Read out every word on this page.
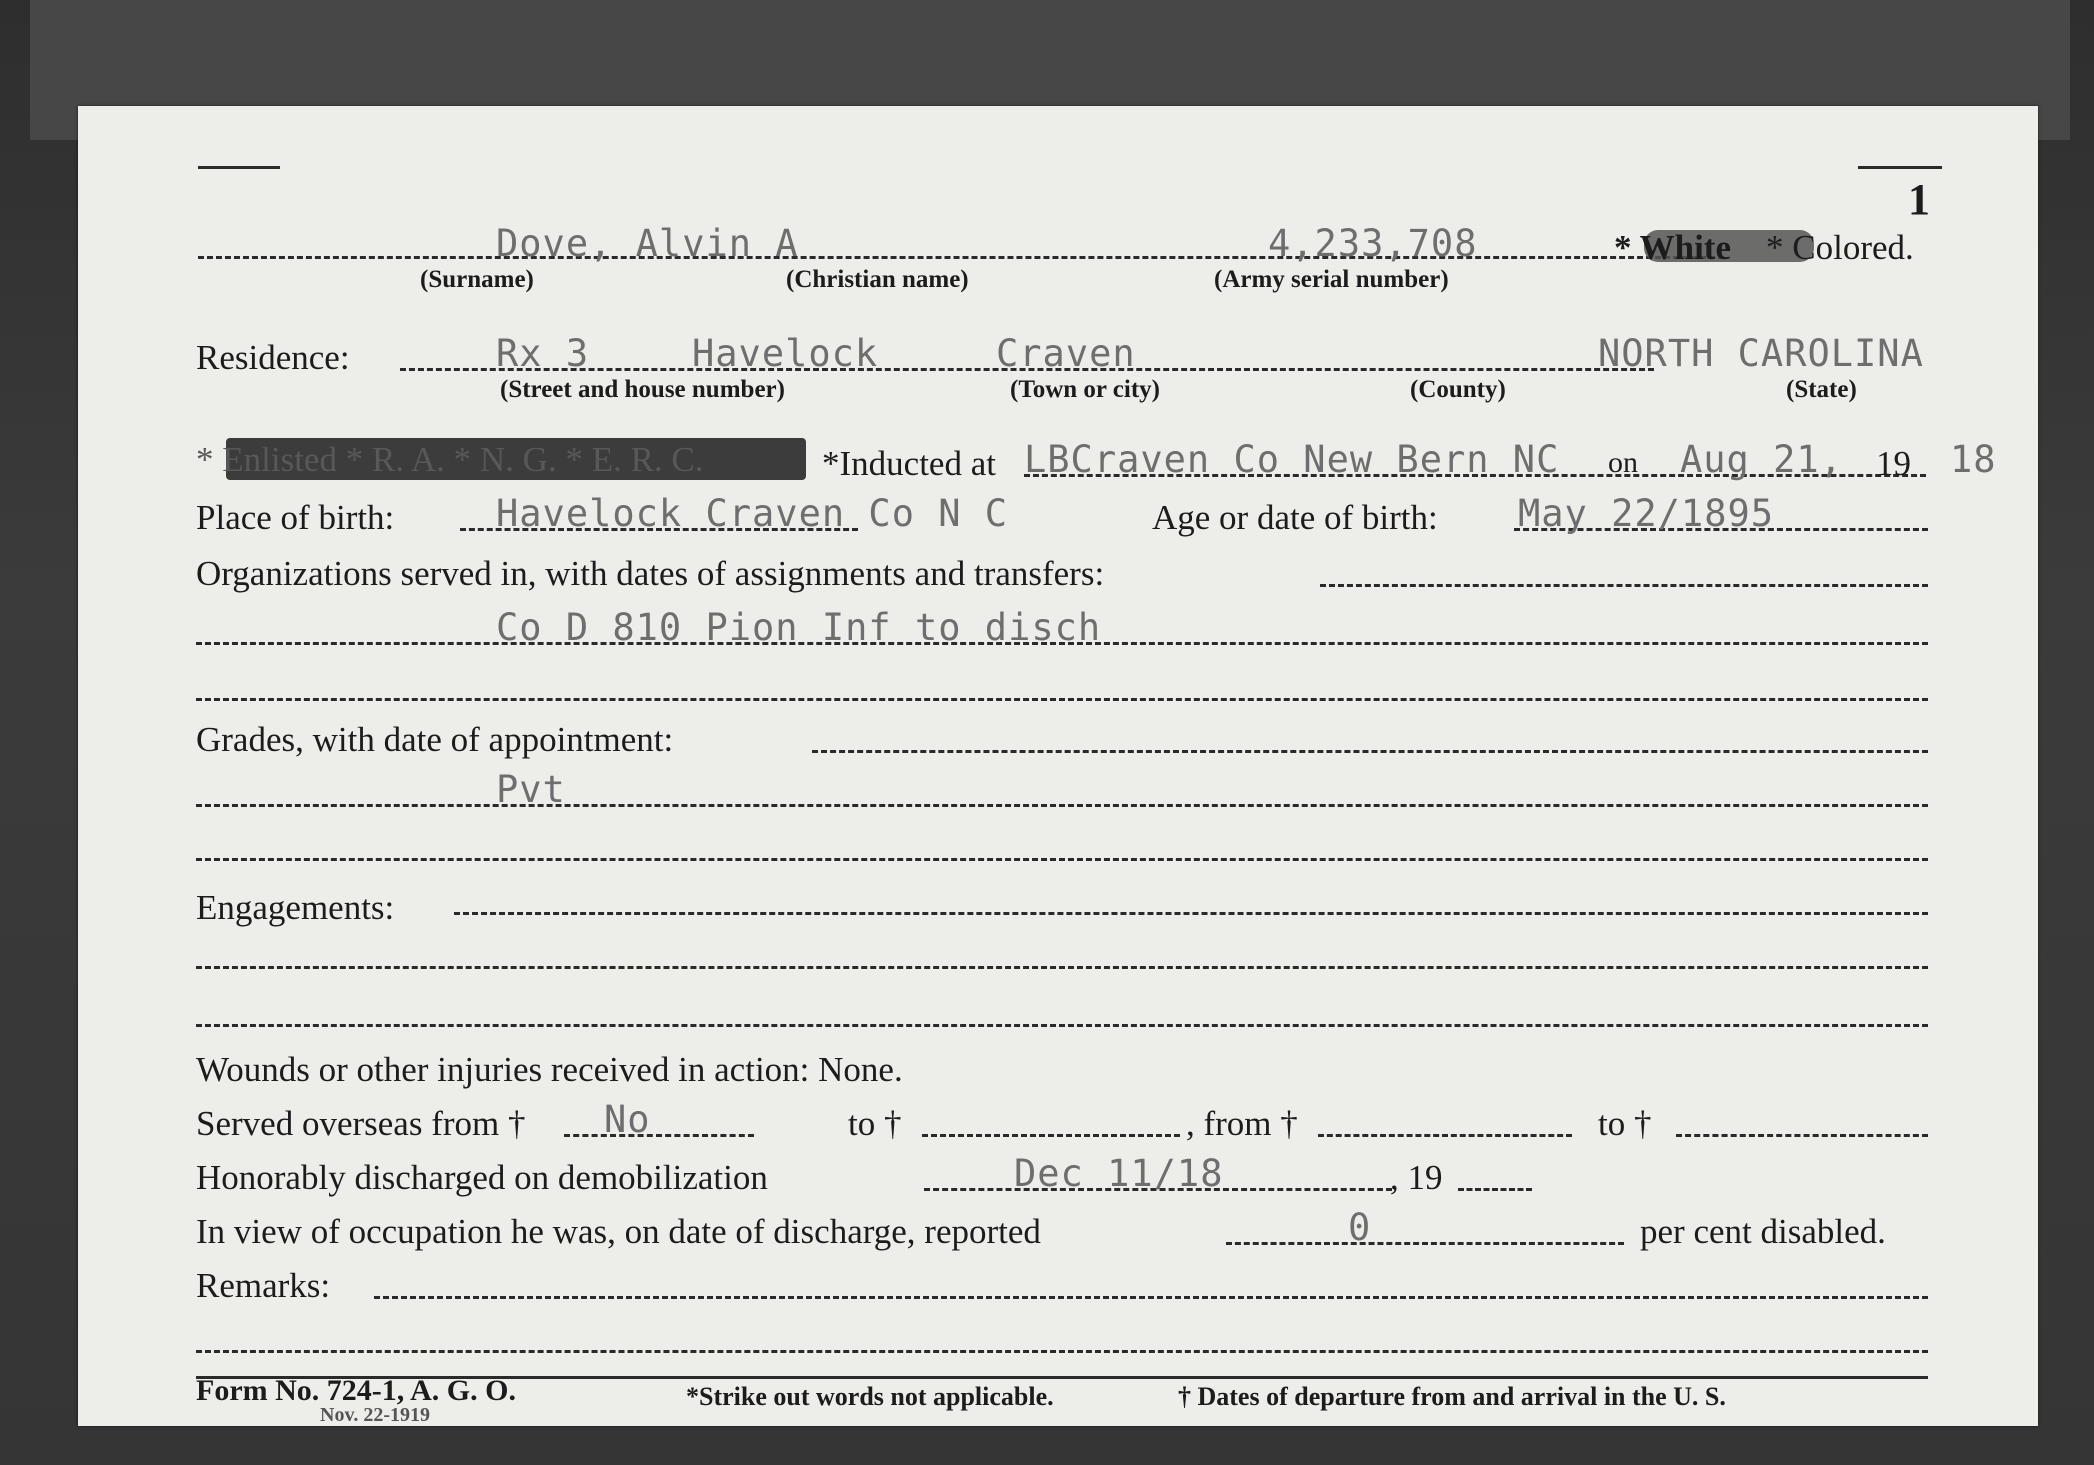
1
Dove, Alvin A	4,233,708	* White * Colored.
(Surname)	(Christian name)	(Army serial number)
Residence:	Rx 3	Havelock	Craven	NORTH CAROLINA
(Street and house number)	(Town or city)	(County)	(State)
* Enlisted * R. A. * N. G. * E. R. C.	*Inducted at LBCraven Co New Bern NC on Aug 21, 19 18
Place of birth:	Havelock Craven Co N C	Age or date of birth: May 22/1895
Organizations served in, with dates of assignments and transfers:
Co D 810 Pion Inf to disch
Grades, with date of appointment:
Pvt
Engagements:
Wounds or other injuries received in action: None.
Served overseas from † No	to †	, from †	to †
Honorably discharged on demobilization	Dec 11/18	, 19
In view of occupation he was, on date of discharge, reported	0	per cent disabled.
Remarks:
Form No. 724-1, A. G. O.
Nov. 22-1919
*Strike out words not applicable.	† Dates of departure from and arrival in the U. S.
